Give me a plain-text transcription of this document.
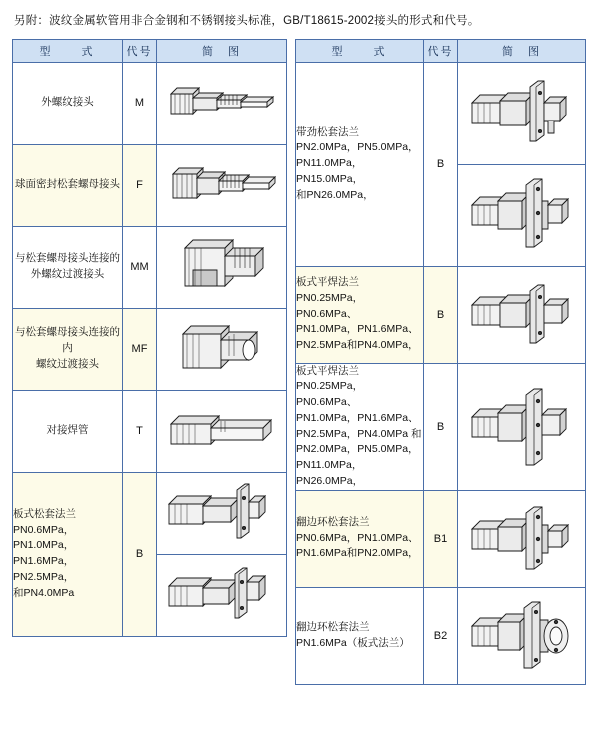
另附：波纹金属软管用非合金钢和不锈钢接头标准，GB/T18615-2002接头的形式和代号。
型　　式	代号	简　图

外螺纹接头	M	

球面密封松套螺母接头	F	

与松套螺母接头连接的
外螺纹过渡接头	MM	

与松套螺母接头连接的内
螺纹过渡接头	MF	

对接焊管	T	

板式松套法兰
PN0.6MPa，PN1.0MPa，
PN1.6MPa，PN2.5MPa，
和PN4.0MPa	B	

型　　式	代号	简　图

带劲松套法兰
PN2.0MPa，PN5.0MPa，
PN11.0MPa，PN15.0MPa，
和PN26.0MPa，	B	

板式平焊法兰
PN0.25MPa，PN0.6MPa、
PN1.0MPa，PN1.6MPa、
PN2.5MPa和PN4.0MPa，	B	

板式平焊法兰
PN0.25MPa，PN0.6MPa、
PN1.0MPa，PN1.6MPa、
PN2.5MPa，PN4.0MPa 和
PN2.0MPa，PN5.0MPa，
PN11.0MPa，PN26.0MPa，
	B	

翻边环松套法兰
PN0.6MPa，PN1.0MPa、
PN1.6MPa和PN2.0MPa，	B1	

翻边环松套法兰
PN1.6MPa（板式法兰）	B2	
